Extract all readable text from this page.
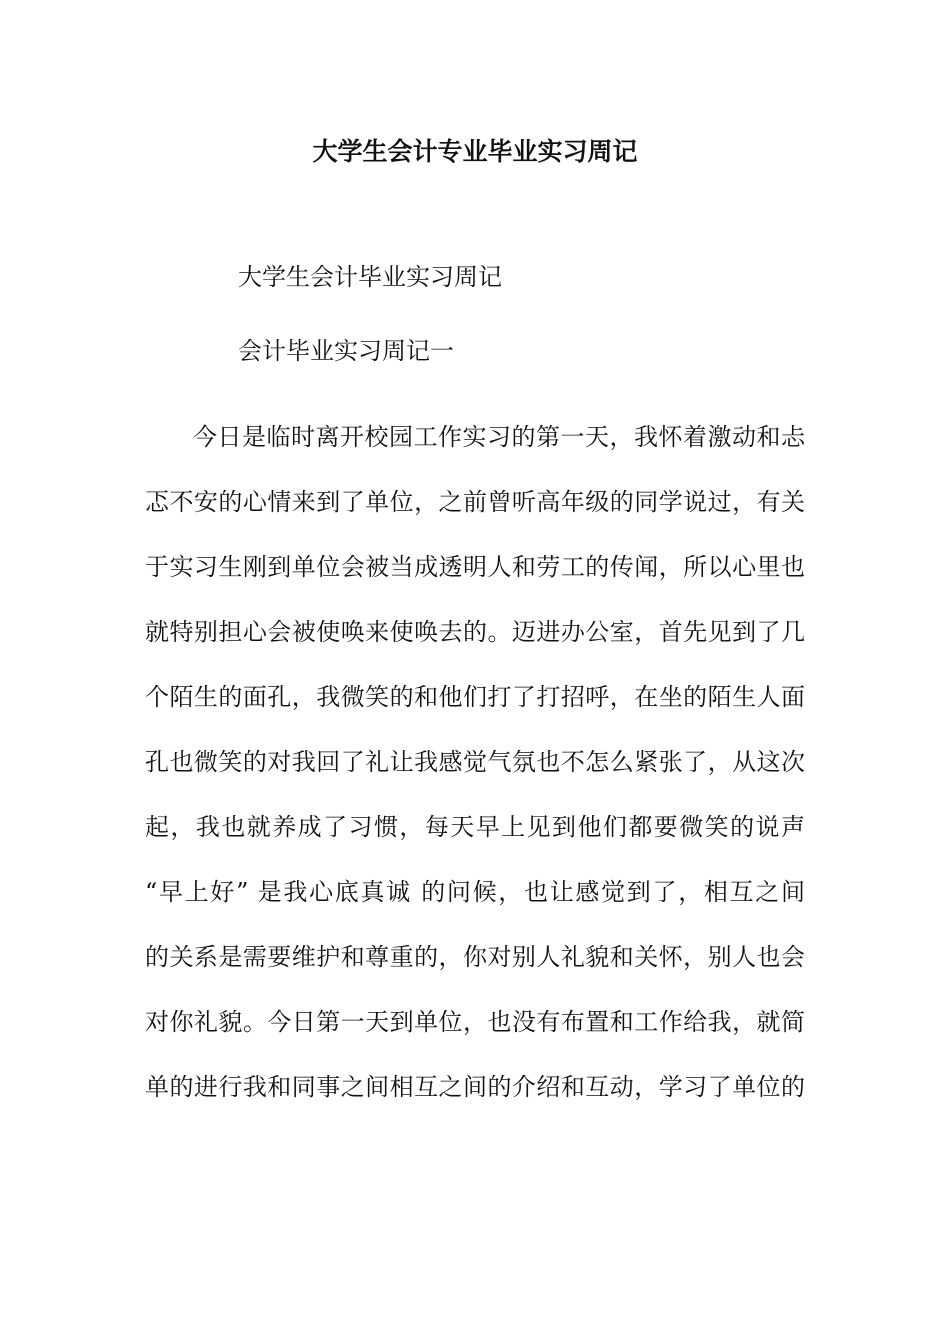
大学生会计专业毕业实习周记

大学生会计毕业实习周记

会计毕业实习周记一

今日是临时离开校园工作实习的第一天，我怀着激动和忐
忑不安的心情来到了单位，之前曾听高年级的同学说过，有关
于实习生刚到单位会被当成透明人和劳工的传闻，所以心里也
就特别担心会被使唤来使唤去的。迈进办公室，首先见到了几
个陌生的面孔，我微笑的和他们打了打招呼，在坐的陌生人面
孔也微笑的对我回了礼让我感觉气氛也不怎么紧张了，从这次
起，我也就养成了习惯，每天早上见到他们都要微笑的说声
“早上好” 是我心底真诚 的问候，也让感觉到了，相互之间
的关系是需要维护和尊重的，你对别人礼貌和关怀，别人也会
对你礼貌。今日第一天到单位，也没有布置和工作给我，就简
单的进行我和同事之间相互之间的介绍和互动，学习了单位的
